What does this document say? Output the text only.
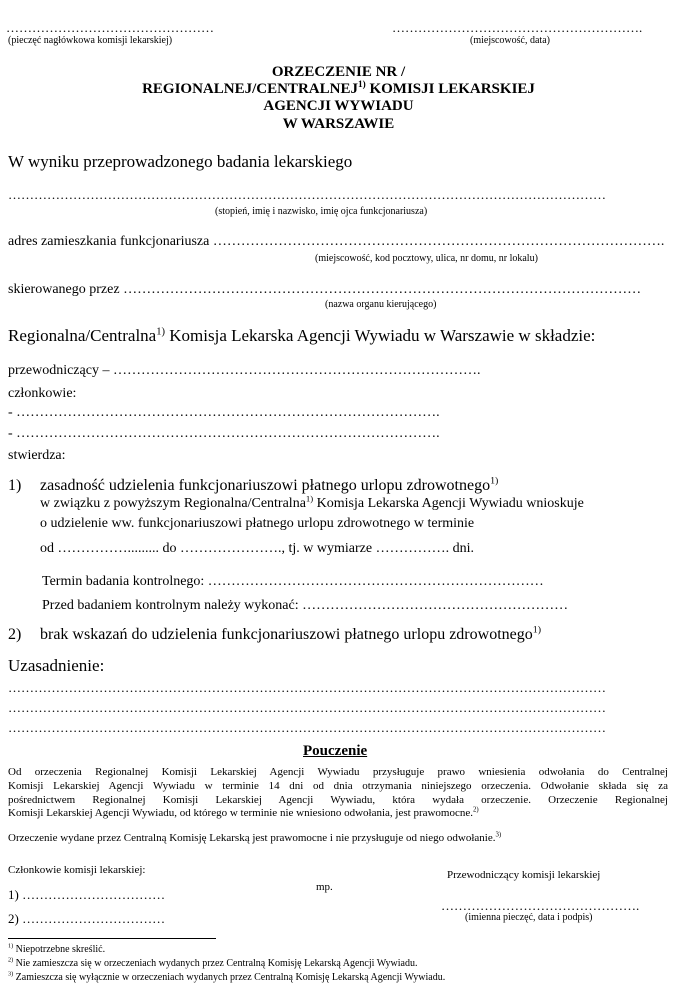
…………………………………………
(pieczęć nagłówkowa komisji lekarskiej)
………………………………………………….
(miejscowość, data)
ORZECZENIE NR /
REGIONALNEJ/CENTRALNEJ$^{1)}$ KOMISJI LEKARSKIEJ
AGENCJI WYWIADU
W WARSZAWIE
W wyniku przeprowadzonego badania lekarskiego
…………………………………………………………………………………………………………………………
(stopień, imię i nazwisko, imię ojca funkcjonariusza)
adres zamieszkania funkcjonariusza …………………………………………………………………………………….
(miejscowość, kod pocztowy, ulica, nr domu, nr lokalu)
skierowanego przez …………………………………………………………………………………………………
(nazwa organu kierującego)
Regionalna/Centralna$^{1)}$ Komisja Lekarska Agencji Wywiadu w Warszawie w składzie:
przewodniczący – …………………………………………………………………….
członkowie:
- ……………………………………………………………………………….
- ……………………………………………………………………………….
stwierdza:
1) zasadność udzielenia funkcjonariuszowi płatnego urlopu zdrowotnego$^{1)}$
w związku z powyższym Regionalna/Centralna$^{1)}$ Komisja Lekarska Agencji Wywiadu wnioskuje
o udzielenie ww. funkcjonariuszowi płatnego urlopu zdrowotnego w terminie
od ……………......... do …………………., tj. w wymiarze ……………. dni.
Termin badania kontrolnego: ………………………………………………………………
Przed badaniem kontrolnym należy wykonać: …………………………………………………
2) brak wskazań do udzielenia funkcjonariuszowi płatnego urlopu zdrowotnego$^{1)}$
Uzasadnienie:
…………………………………………………………………………………………………………………………
…………………………………………………………………………………………………………………………
…………………………………………………………………………………………………………………………
Pouczenie
Od orzeczenia Regionalnej Komisji Lekarskiej Agencji Wywiadu przysługuje prawo wniesienia odwołania do Centralnej
Komisji Lekarskiej Agencji Wywiadu w terminie 14 dni od dnia otrzymania niniejszego orzeczenia. Odwołanie składa się za
pośrednictwem Regionalnej Komisji Lekarskiej Agencji Wywiadu, która wydała orzeczenie. Orzeczenie Regionalnej
Komisji Lekarskiej Agencji Wywiadu, od którego w terminie nie wniesiono odwołania, jest prawomocne.$^{2)}$
Orzeczenie wydane przez Centralną Komisję Lekarską jest prawomocne i nie przysługuje od niego odwołanie.$^{3)}$
Członkowie komisji lekarskiej:
1) ……………………………
2) ……………………………
mp.
Przewodniczący komisji lekarskiej
……………………………………….
(imienna pieczęć, data i podpis)
$^{1)}$ Niepotrzebne skreślić.
$^{2)}$ Nie zamieszcza się w orzeczeniach wydanych przez Centralną Komisję Lekarską Agencji Wywiadu.
$^{3)}$ Zamieszcza się wyłącznie w orzeczeniach wydanych przez Centralną Komisję Lekarską Agencji Wywiadu.
